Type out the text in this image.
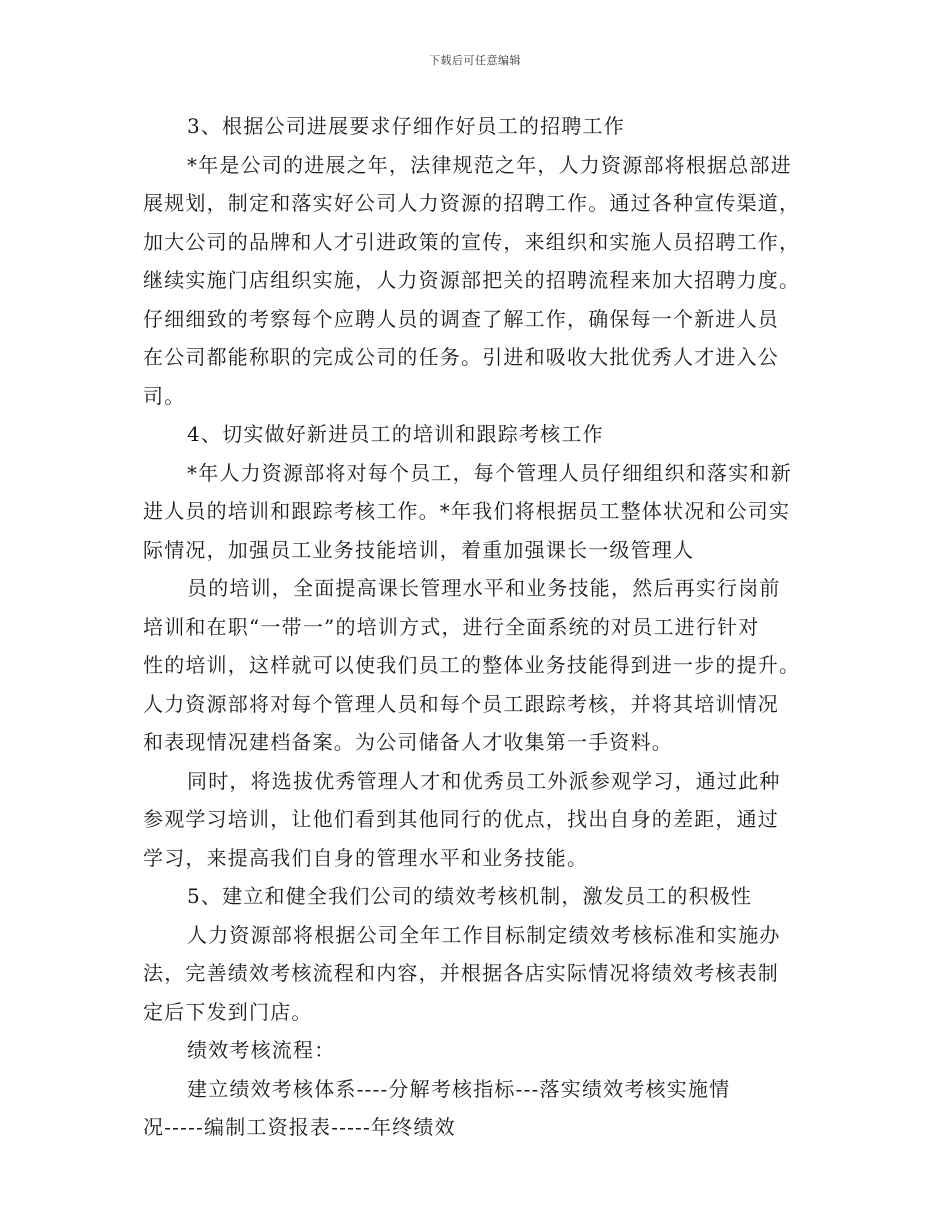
下载后可任意编辑
3、根据公司进展要求仔细作好员工的招聘工作
*年是公司的进展之年，法律规范之年，人力资源部将根据总部进
展规划，制定和落实好公司人力资源的招聘工作。通过各种宣传渠道，
加大公司的品牌和人才引进政策的宣传，来组织和实施人员招聘工作，
继续实施门店组织实施，人力资源部把关的招聘流程来加大招聘力度。
仔细细致的考察每个应聘人员的调查了解工作，确保每一个新进人员
在公司都能称职的完成公司的任务。引进和吸收大批优秀人才进入公
司。
4、切实做好新进员工的培训和跟踪考核工作
*年人力资源部将对每个员工，每个管理人员仔细组织和落实和新
进人员的培训和跟踪考核工作。*年我们将根据员工整体状况和公司实
际情况，加强员工业务技能培训，着重加强课长一级管理人
员的培训，全面提高课长管理水平和业务技能，然后再实行岗前
培训和在职“一带一”的培训方式，进行全面系统的对员工进行针对
性的培训，这样就可以使我们员工的整体业务技能得到进一步的提升。
人力资源部将对每个管理人员和每个员工跟踪考核，并将其培训情况
和表现情况建档备案。为公司储备人才收集第一手资料。
同时，将选拔优秀管理人才和优秀员工外派参观学习，通过此种
参观学习培训，让他们看到其他同行的优点，找出自身的差距，通过
学习，来提高我们自身的管理水平和业务技能。
5、建立和健全我们公司的绩效考核机制，激发员工的积极性
人力资源部将根据公司全年工作目标制定绩效考核标准和实施办
法，完善绩效考核流程和内容，并根据各店实际情况将绩效考核表制
定后下发到门店。
绩效考核流程：
建立绩效考核体系----分解考核指标---落实绩效考核实施情
况-----编制工资报表-----年终绩效
